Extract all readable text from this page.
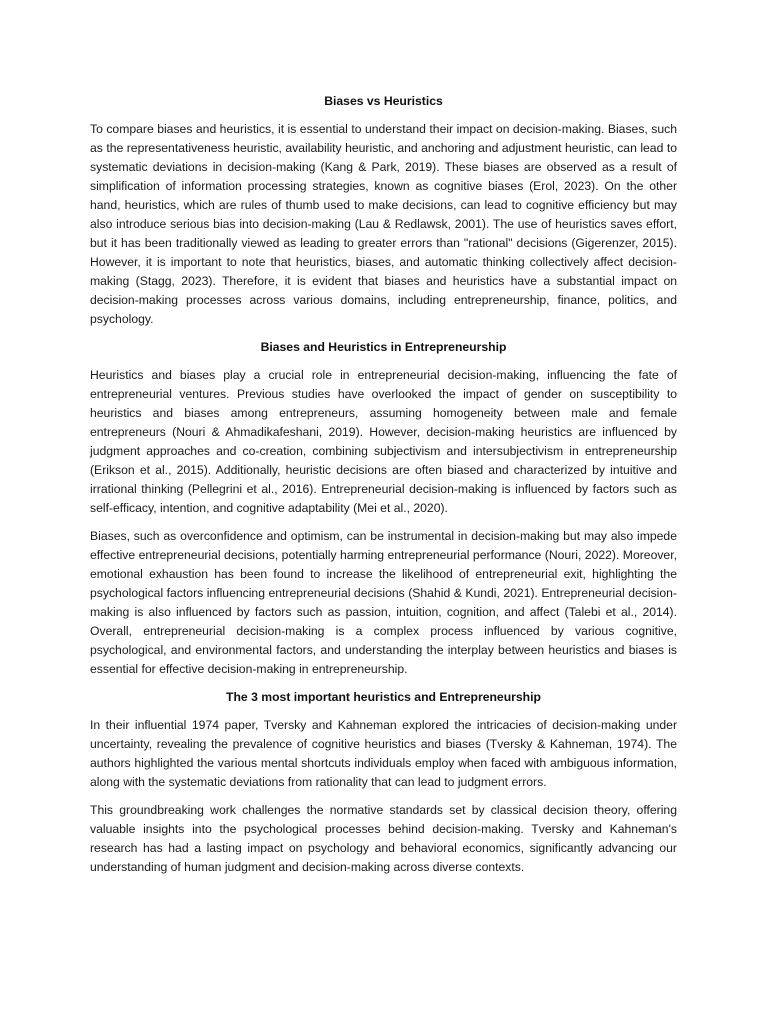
Biases vs Heuristics

To compare biases and heuristics, it is essential to understand their impact on decision-making. Biases, such as the representativeness heuristic, availability heuristic, and anchoring and adjustment heuristic, can lead to systematic deviations in decision-making (Kang & Park, 2019). These biases are observed as a result of simplification of information processing strategies, known as cognitive biases (Erol, 2023). On the other hand, heuristics, which are rules of thumb used to make decisions, can lead to cognitive efficiency but may also introduce serious bias into decision-making (Lau & Redlawsk, 2001). The use of heuristics saves effort, but it has been traditionally viewed as leading to greater errors than "rational" decisions (Gigerenzer, 2015). However, it is important to note that heuristics, biases, and automatic thinking collectively affect decision-making (Stagg, 2023). Therefore, it is evident that biases and heuristics have a substantial impact on decision-making processes across various domains, including entrepreneurship, finance, politics, and psychology.

Biases and Heuristics in Entrepreneurship

Heuristics and biases play a crucial role in entrepreneurial decision-making, influencing the fate of entrepreneurial ventures. Previous studies have overlooked the impact of gender on susceptibility to heuristics and biases among entrepreneurs, assuming homogeneity between male and female entrepreneurs (Nouri & Ahmadikafeshani, 2019). However, decision-making heuristics are influenced by judgment approaches and co-creation, combining subjectivism and intersubjectivism in entrepreneurship (Erikson et al., 2015). Additionally, heuristic decisions are often biased and characterized by intuitive and irrational thinking (Pellegrini et al., 2016). Entrepreneurial decision-making is influenced by factors such as self-efficacy, intention, and cognitive adaptability (Mei et al., 2020).

Biases, such as overconfidence and optimism, can be instrumental in decision-making but may also impede effective entrepreneurial decisions, potentially harming entrepreneurial performance (Nouri, 2022). Moreover, emotional exhaustion has been found to increase the likelihood of entrepreneurial exit, highlighting the psychological factors influencing entrepreneurial decisions (Shahid & Kundi, 2021). Entrepreneurial decision-making is also influenced by factors such as passion, intuition, cognition, and affect (Talebi et al., 2014). Overall, entrepreneurial decision-making is a complex process influenced by various cognitive, psychological, and environmental factors, and understanding the interplay between heuristics and biases is essential for effective decision-making in entrepreneurship.

The 3 most important heuristics and Entrepreneurship

In their influential 1974 paper, Tversky and Kahneman explored the intricacies of decision-making under uncertainty, revealing the prevalence of cognitive heuristics and biases (Tversky & Kahneman, 1974). The authors highlighted the various mental shortcuts individuals employ when faced with ambiguous information, along with the systematic deviations from rationality that can lead to judgment errors.

This groundbreaking work challenges the normative standards set by classical decision theory, offering valuable insights into the psychological processes behind decision-making. Tversky and Kahneman's research has had a lasting impact on psychology and behavioral economics, significantly advancing our understanding of human judgment and decision-making across diverse contexts.
